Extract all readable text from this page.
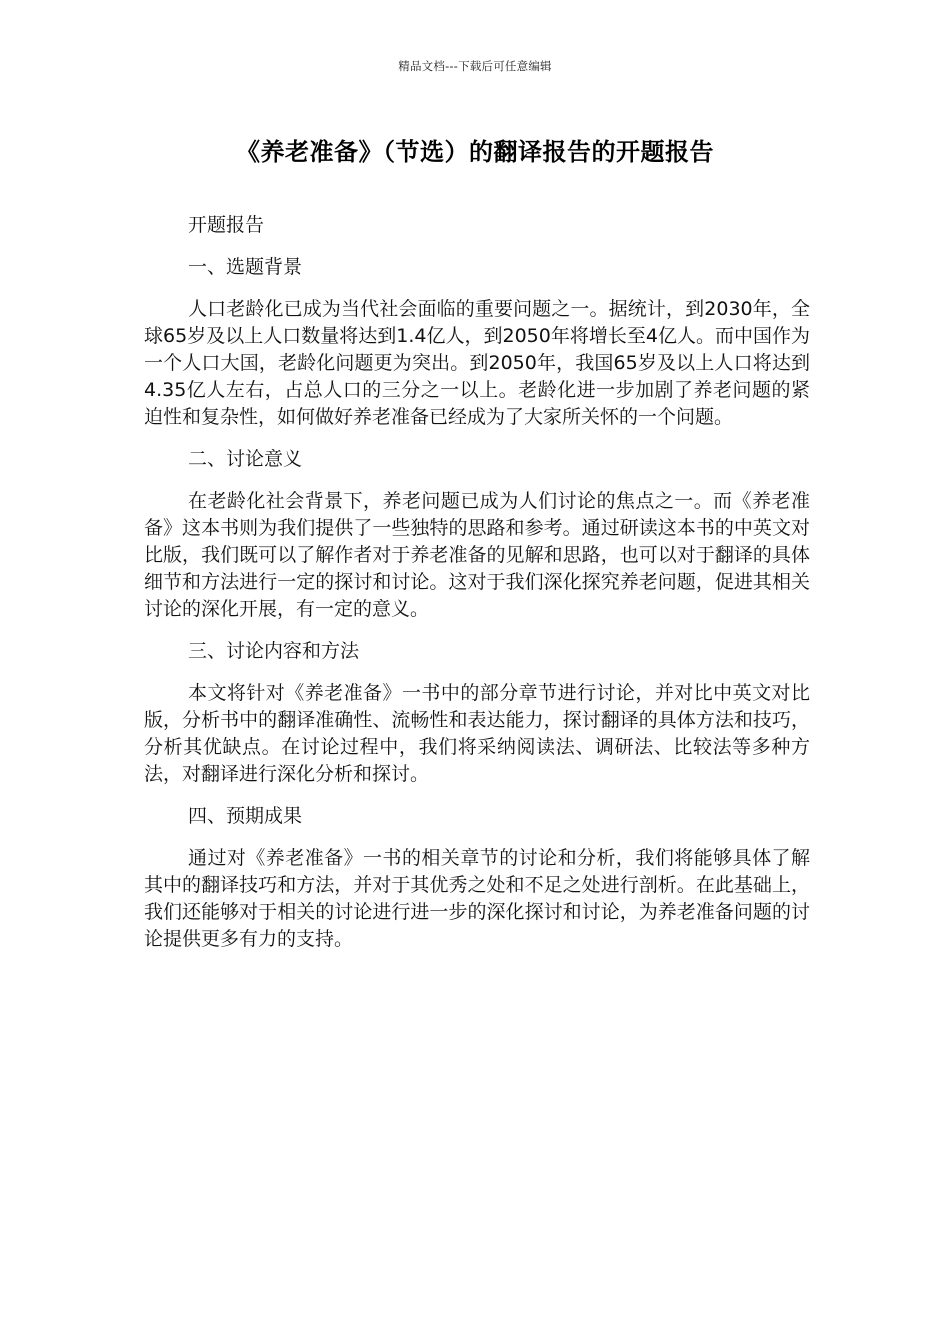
精品文档---下载后可任意编辑
《养老准备》（节选）的翻译报告的开题报告
开题报告
一、选题背景
人口老龄化已成为当代社会面临的重要问题之一。据统计，到2030年，全球65岁及以上人口数量将达到1.4亿人，到2050年将增长至4亿人。而中国作为一个人口大国，老龄化问题更为突出。到2050年，我国65岁及以上人口将达到4.35亿人左右，占总人口的三分之一以上。老龄化进一步加剧了养老问题的紧迫性和复杂性，如何做好养老准备已经成为了大家所关怀的一个问题。
二、讨论意义
在老龄化社会背景下，养老问题已成为人们讨论的焦点之一。而《养老准备》这本书则为我们提供了一些独特的思路和参考。通过研读这本书的中英文对比版，我们既可以了解作者对于养老准备的见解和思路，也可以对于翻译的具体细节和方法进行一定的探讨和讨论。这对于我们深化探究养老问题，促进其相关讨论的深化开展，有一定的意义。
三、讨论内容和方法
本文将针对《养老准备》一书中的部分章节进行讨论，并对比中英文对比版，分析书中的翻译准确性、流畅性和表达能力，探讨翻译的具体方法和技巧，分析其优缺点。在讨论过程中，我们将采纳阅读法、调研法、比较法等多种方法，对翻译进行深化分析和探讨。
四、预期成果
通过对《养老准备》一书的相关章节的讨论和分析，我们将能够具体了解其中的翻译技巧和方法，并对于其优秀之处和不足之处进行剖析。在此基础上，我们还能够对于相关的讨论进行进一步的深化探讨和讨论，为养老准备问题的讨论提供更多有力的支持。
